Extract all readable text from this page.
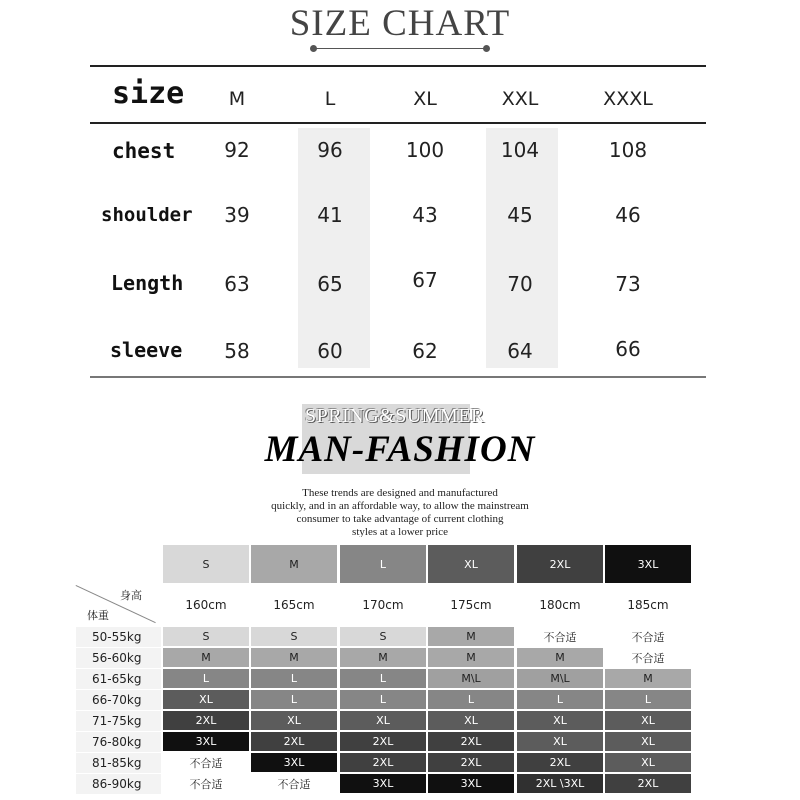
SIZE CHART
size M	L	XL	XXL	XXXL
chest 92	96	100	104	108
shoulder 39	41	43	45	46
Length 63	65	67	70	73
sleeve 58	60	62	64	66
SPRING&SUMMER
MAN-FASHION
These trends are designed and manufactured
quickly, and in an affordable way, to allow the mainstream
consumer to take advantage of current clothing
styles at a lower price
身高
体重
S	M	L	XL	2XL	3XL
160cm	165cm	170cm	175cm	180cm	185cm
50-55kg	S	S	S	M	不合适	不合适
56-60kg	M	M	M	M	M	不合适
61-65kg	L	L	L	M\L	M\L	M
66-70kg	XL	L	L	L	L	L
71-75kg	2XL	XL	XL	XL	XL	XL
76-80kg	3XL	2XL	2XL	2XL	XL	XL
81-85kg	不合适	3XL	2XL	2XL	2XL	XL
86-90kg	不合适	不合适	3XL	3XL	2XL \3XL	2XL
